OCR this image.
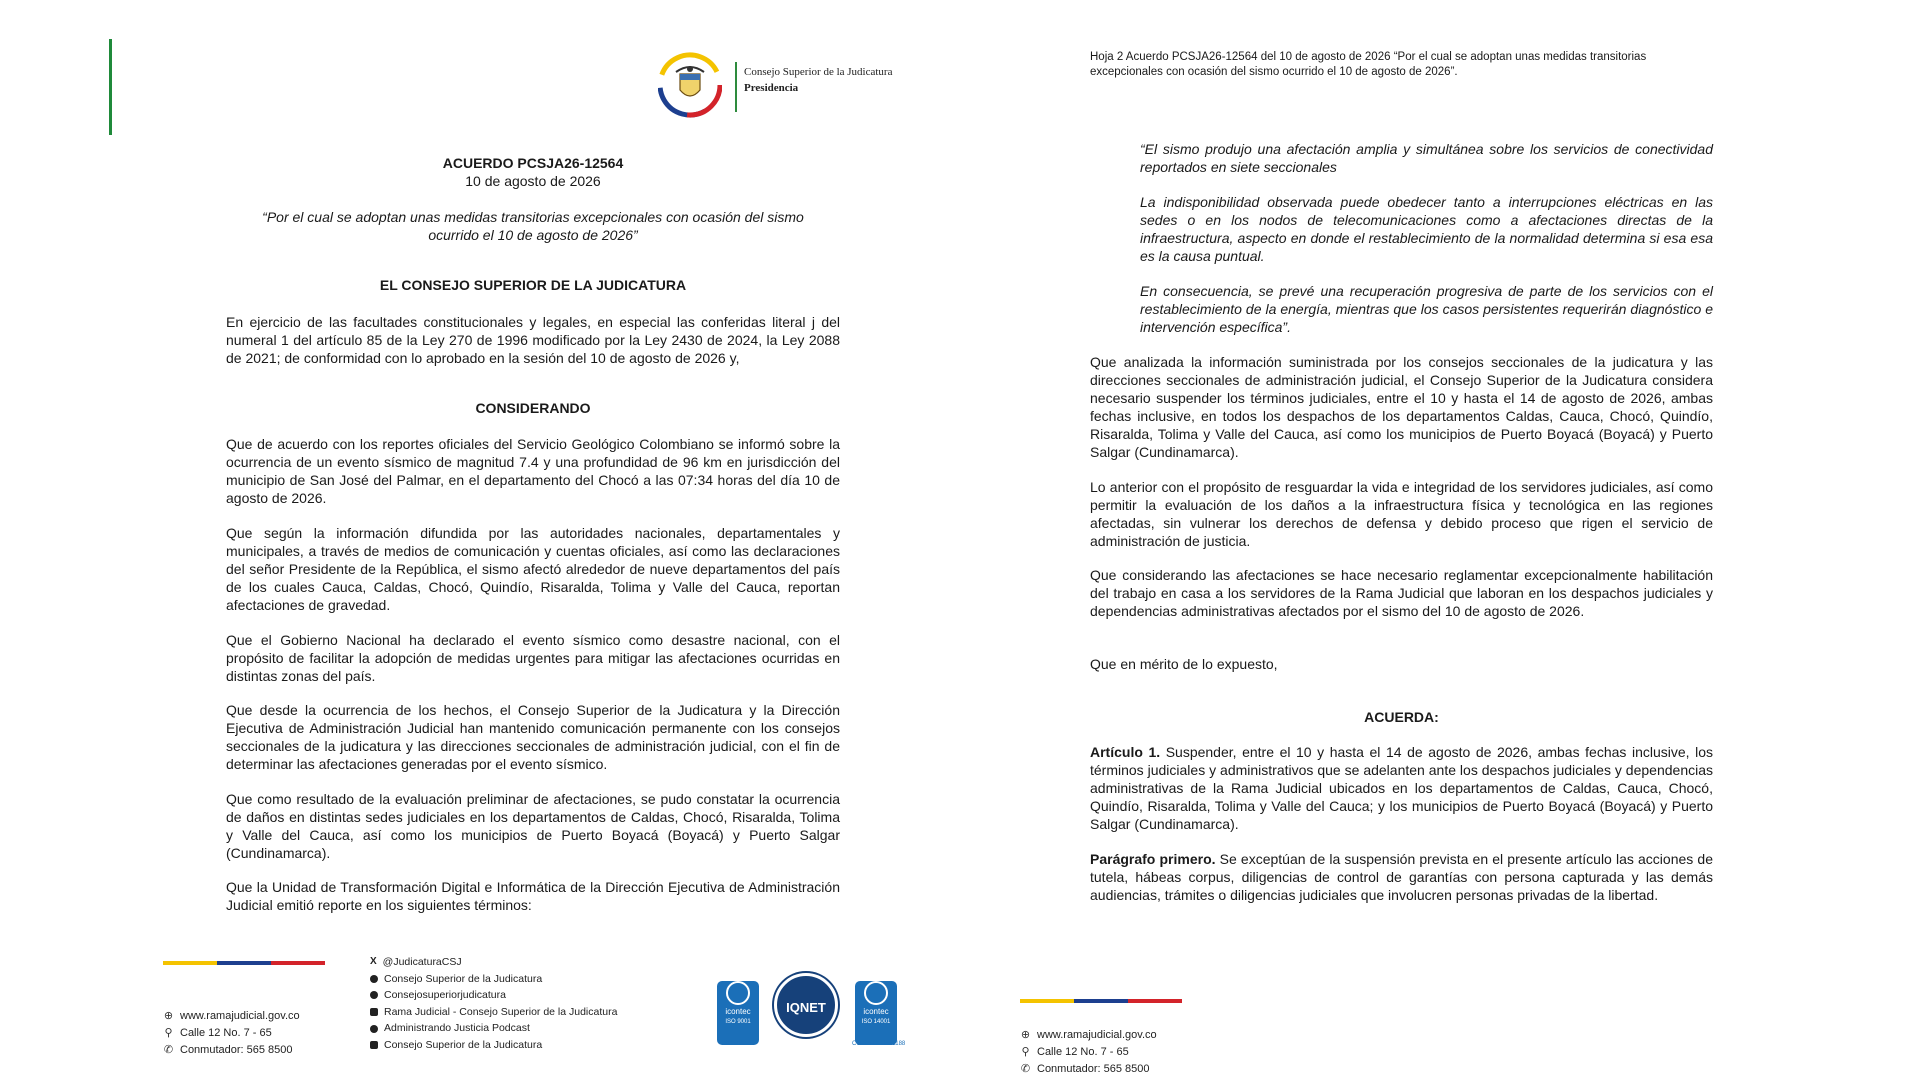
Consejo Superior de la Judicatura
Presidencia
ACUERDO PCSJA26-12564
10 de agosto de 2026
“Por el cual se adoptan unas medidas transitorias excepcionales con ocasión del sismo ocurrido el 10 de agosto de 2026”
EL CONSEJO SUPERIOR DE LA JUDICATURA
En ejercicio de las facultades constitucionales y legales, en especial las conferidas literal j del numeral 1 del artículo 85 de la Ley 270 de 1996 modificado por la Ley 2430 de 2024, la Ley 2088 de 2021; de conformidad con lo aprobado en la sesión del 10 de agosto de 2026 y,
CONSIDERANDO
Que de acuerdo con los reportes oficiales del Servicio Geológico Colombiano se informó sobre la ocurrencia de un evento sísmico de magnitud 7.4 y una profundidad de 96 km en jurisdicción del municipio de San José del Palmar, en el departamento del Chocó a las 07:34 horas del día 10 de agosto de 2026.
Que según la información difundida por las autoridades nacionales, departamentales y municipales, a través de medios de comunicación y cuentas oficiales, así como las declaraciones del señor Presidente de la República, el sismo afectó alrededor de nueve departamentos del país de los cuales Cauca, Caldas, Chocó, Quindío, Risaralda, Tolima y Valle del Cauca, reportan afectaciones de gravedad.
Que el Gobierno Nacional ha declarado el evento sísmico como desastre nacional, con el propósito de facilitar la adopción de medidas urgentes para mitigar las afectaciones ocurridas en distintas zonas del país.
Que desde la ocurrencia de los hechos, el Consejo Superior de la Judicatura y la Dirección Ejecutiva de Administración Judicial han mantenido comunicación permanente con los consejos seccionales de la judicatura y las direcciones seccionales de administración judicial, con el fin de determinar las afectaciones generadas por el evento sísmico.
Que como resultado de la evaluación preliminar de afectaciones, se pudo constatar la ocurrencia de daños en distintas sedes judiciales en los departamentos de Caldas, Chocó, Risaralda, Tolima y Valle del Cauca, así como los municipios de Puerto Boyacá (Boyacá) y Puerto Salgar (Cundinamarca).
Que la Unidad de Transformación Digital e Informática de la Dirección Ejecutiva de Administración Judicial emitió reporte en los siguientes términos:
⊕ www.ramajudicial.gov.co
⚲ Calle 12 No. 7 - 65
✆ Conmutador: 565 8500
X @JudicaturaCSJ
Consejo Superior de la Judicatura
Consejosuperiorjudicatura
Rama Judicial - Consejo Superior de la Judicatura
Administrando Justicia Podcast
Consejo Superior de la Judicatura
icontec
ISO 9001
SC5780-4
IQNET	icontec
ISO 14001
CO-SA-CER551188
Hoja 2 Acuerdo PCSJA26-12564 del 10 de agosto de 2026 “Por el cual se adoptan unas medidas transitorias excepcionales con ocasión del sismo ocurrido el 10 de agosto de 2026”.
“El sismo produjo una afectación amplia y simultánea sobre los servicios de conectividad reportados en siete seccionales
La indisponibilidad observada puede obedecer tanto a interrupciones eléctricas en las sedes o en los nodos de telecomunicaciones como a afectaciones directas de la infraestructura, aspecto en donde el restablecimiento de la normalidad determina si esa esa es la causa puntual.
En consecuencia, se prevé una recuperación progresiva de parte de los servicios con el restablecimiento de la energía, mientras que los casos persistentes requerirán diagnóstico e intervención específica”.
Que analizada la información suministrada por los consejos seccionales de la judicatura y las direcciones seccionales de administración judicial, el Consejo Superior de la Judicatura considera necesario suspender los términos judiciales, entre el 10 y hasta el 14 de agosto de 2026, ambas fechas inclusive, en todos los despachos de los departamentos Caldas, Cauca, Chocó, Quindío, Risaralda, Tolima y Valle del Cauca, así como los municipios de Puerto Boyacá (Boyacá) y Puerto Salgar (Cundinamarca).
Lo anterior con el propósito de resguardar la vida e integridad de los servidores judiciales, así como permitir la evaluación de los daños a la infraestructura física y tecnológica en las regiones afectadas, sin vulnerar los derechos de defensa y debido proceso que rigen el servicio de administración de justicia.
Que considerando las afectaciones se hace necesario reglamentar excepcionalmente habilitación del trabajo en casa a los servidores de la Rama Judicial que laboran en los despachos judiciales y dependencias administrativas afectados por el sismo del 10 de agosto de 2026.
Que en mérito de lo expuesto,
ACUERDA:
Artículo 1. Suspender, entre el 10 y hasta el 14 de agosto de 2026, ambas fechas inclusive, los términos judiciales y administrativos que se adelanten ante los despachos judiciales y dependencias administrativas de la Rama Judicial ubicados en los departamentos de Caldas, Cauca, Chocó, Quindío, Risaralda, Tolima y Valle del Cauca; y los municipios de Puerto Boyacá (Boyacá) y Puerto Salgar (Cundinamarca).
Parágrafo primero. Se exceptúan de la suspensión prevista en el presente artículo las acciones de tutela, hábeas corpus, diligencias de control de garantías con persona capturada y las demás audiencias, trámites o diligencias judiciales que involucren personas privadas de la libertad.
⊕ www.ramajudicial.gov.co
⚲ Calle 12 No. 7 - 65
✆ Conmutador: 565 8500
